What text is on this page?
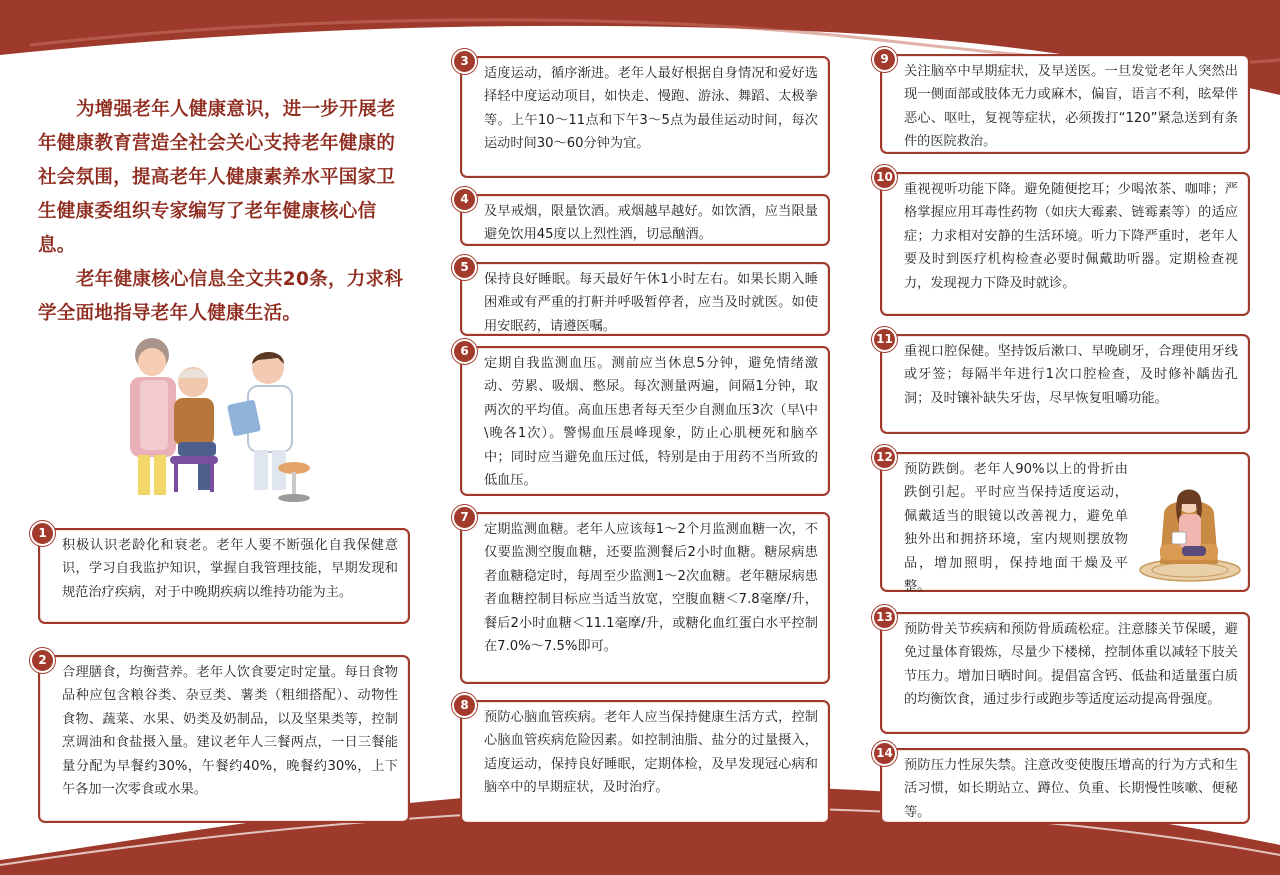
为增强老年人健康意识，进一步开展老年健康教育营造全社会关心支持老年健康的社会氛围，提高老年人健康素养水平国家卫生健康委组织专家编写了老年健康核心信息。

老年健康核心信息全文共20条，力求科学全面地指导老年人健康生活。

1
积极认识老龄化和衰老。老年人要不断强化自我保健意识，学习自我监护知识，掌握自我管理技能，早期发现和规范治疗疾病，对于中晚期疾病以维持功能为主。
2
合理膳食，均衡营养。老年人饮食要定时定量。每日食物品种应包含粮谷类、杂豆类、薯类（粗细搭配）、动物性食物、蔬菜、水果、奶类及奶制品，以及坚果类等，控制烹调油和食盐摄入量。建议老年人三餐两点，一日三餐能量分配为早餐约30%，午餐约40%，晚餐约30%，上下午各加一次零食或水果。
3
适度运动，循序渐进。老年人最好根据自身情况和爱好选择轻中度运动项目，如快走、慢跑、游泳、舞蹈、太极拳等。上午10～11点和下午3～5点为最佳运动时间，每次运动时间30～60分钟为宜。
4
及早戒烟，限量饮酒。戒烟越早越好。如饮酒，应当限量避免饮用45度以上烈性酒，切忌酗酒。
5
保持良好睡眠。每天最好午休1小时左右。如果长期入睡困难或有严重的打鼾并呼吸暂停者，应当及时就医。如使用安眠药，请遵医嘱。
6
定期自我监测血压。测前应当休息5分钟，避免情绪激动、劳累、吸烟、憋尿。每次测量两遍，间隔1分钟，取两次的平均值。高血压患者每天至少自测血压3次（早\中\晚各1次）。警惕血压晨峰现象，防止心肌梗死和脑卒中；同时应当避免血压过低，特别是由于用药不当所致的低血压。
7
定期监测血糖。老年人应该每1～2个月监测血糖一次，不仅要监测空腹血糖，还要监测餐后2小时血糖。糖尿病患者血糖稳定时，每周至少监测1～2次血糖。老年糖尿病患者血糖控制目标应当适当放宽，空腹血糖＜7.8毫摩/升，餐后2小时血糖＜11.1毫摩/升，或糖化血红蛋白水平控制在7.0%～7.5%即可。
8
预防心脑血管疾病。老年人应当保持健康生活方式，控制心脑血管疾病危险因素。如控制油脂、盐分的过量摄入，适度运动，保持良好睡眠，定期体检，及早发现冠心病和脑卒中的早期症状，及时治疗。
9
关注脑卒中早期症状，及早送医。一旦发觉老年人突然出现一侧面部或肢体无力或麻木，偏盲，语言不利，眩晕伴恶心、呕吐，复视等症状，必须拨打“120”紧急送到有条件的医院救治。
10
重视视听功能下降。避免随便挖耳；少喝浓茶、咖啡；严格掌握应用耳毒性药物（如庆大霉素、链霉素等）的适应症；力求相对安静的生活环境。听力下降严重时，老年人要及时到医疗机构检查必要时佩戴助听器。定期检查视力，发现视力下降及时就诊。
11
重视口腔保健。坚持饭后漱口、早晚刷牙，合理使用牙线或牙签；每隔半年进行1次口腔检查，及时修补龋齿孔洞；及时镶补缺失牙齿，尽早恢复咀嚼功能。
12
预防跌倒。老年人90%以上的骨折由跌倒引起。平时应当保持适度运动，佩戴适当的眼镜以改善视力，避免单独外出和拥挤环境，室内规则摆放物品，增加照明，保持地面干燥及平整。
13
预防骨关节疾病和预防骨质疏松症。注意膝关节保暖，避免过量体育锻炼，尽量少下楼梯，控制体重以减轻下肢关节压力。增加日晒时间。提倡富含钙、低盐和适量蛋白质的均衡饮食，通过步行或跑步等适度运动提高骨强度。
14
预防压力性尿失禁。注意改变使腹压增高的行为方式和生活习惯，如长期站立、蹲位、负重、长期慢性咳嗽、便秘等。
